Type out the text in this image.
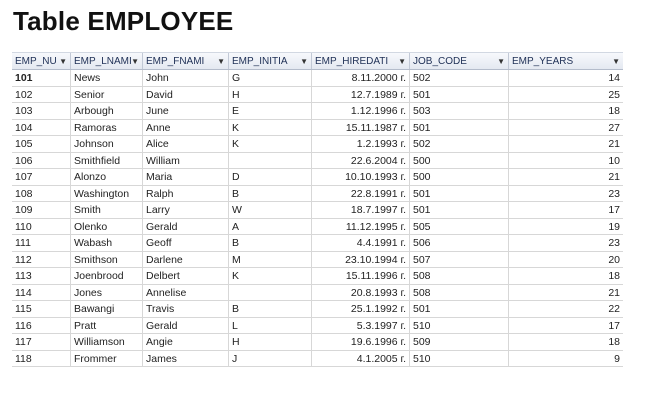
Table EMPLOYEE
EMP_NU ▼ EMP_LNAMI ▼ EMP_FNAMI ▼ EMP_INITIA ▼ EMP_HIREDATI ▼ JOB_CODE	▼ EMP_YEARS	▼
101	News	John	G	8.11.2000 г. 502	14
102	Senior	David	H	12.7.1989 г. 501	25
103	Arbough	June	E	1.12.1996 г. 503	18
104	Ramoras	Anne	K	15.11.1987 г. 501	27
105	Johnson	Alice	K	1.2.1993 г. 502	21
106	Smithfield	William	22.6.2004 г. 500	10
107	Alonzo	Maria	D	10.10.1993 г. 500	21
108	Washington	Ralph	B	22.8.1991 г. 501	23
109	Smith	Larry	W	18.7.1997 г. 501	17
110	Olenko	Gerald	A	11.12.1995 г. 505	19
111	Wabash	Geoff	B	4.4.1991 г. 506	23
112	Smithson	Darlene	M	23.10.1994 г. 507	20
113	Joenbrood	Delbert	K	15.11.1996 г. 508	18
114	Jones	Annelise	20.8.1993 г. 508	21
115	Bawangi	Travis	B	25.1.1992 г. 501	22
116	Pratt	Gerald	L	5.3.1997 г. 510	17
117	Williamson	Angie	H	19.6.1996 г. 509	18
118	Frommer	James	J	4.1.2005 г. 510	9
